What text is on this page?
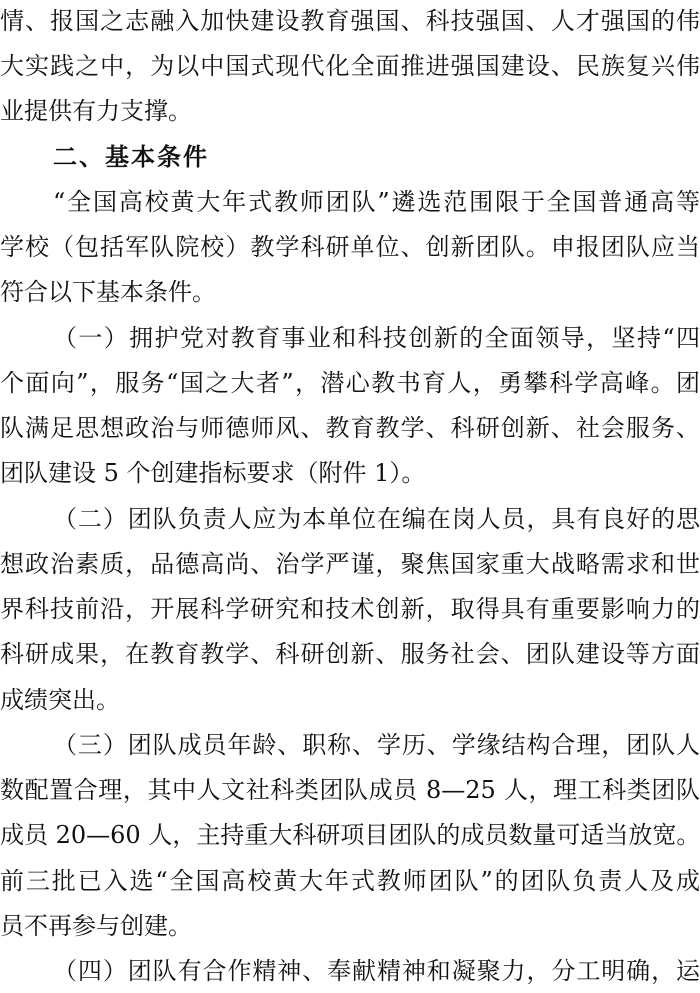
情、报国之志融入加快建设教育强国、科技强国、人才强国的伟
大实践之中，为以中国式现代化全面推进强国建设、民族复兴伟
业提供有力支撑。
二、基本条件
“全国高校黄大年式教师团队”遴选范围限于全国普通高等
学校（包括军队院校）教学科研单位、创新团队。申报团队应当
符合以下基本条件。
（一）拥护党对教育事业和科技创新的全面领导，坚持“四
个面向”，服务“国之大者”，潜心教书育人，勇攀科学高峰。团
队满足思想政治与师德师风、教育教学、科研创新、社会服务、
团队建设 5 个创建指标要求（附件 1）。
（二）团队负责人应为本单位在编在岗人员，具有良好的思
想政治素质，品德高尚、治学严谨，聚焦国家重大战略需求和世
界科技前沿，开展科学研究和技术创新，取得具有重要影响力的
科研成果，在教育教学、科研创新、服务社会、团队建设等方面
成绩突出。
（三）团队成员年龄、职称、学历、学缘结构合理，团队人
数配置合理，其中人文社科类团队成员 8—25 人，理工科类团队
成员 20—60 人，主持重大科研项目团队的成员数量可适当放宽。
前三批已入选“全国高校黄大年式教师团队”的团队负责人及成
员不再参与创建。
（四）团队有合作精神、奉献精神和凝聚力，分工明确，运
